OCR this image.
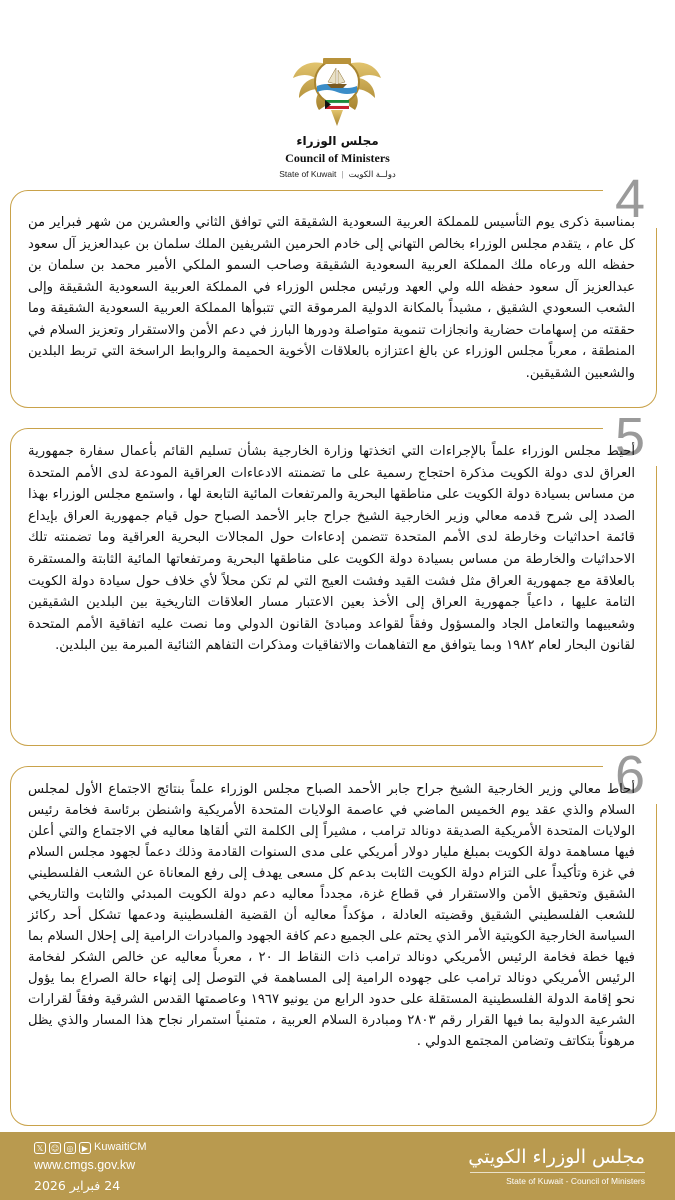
مجلس الوزراء
Council of Ministers
State of Kuwait | دولــة الكويت	4

بمناسبة ذكرى يوم التأسيس للمملكة العربية السعودية الشقيقة التي توافق الثاني والعشرين من شهر فبراير من كل عام ، يتقدم مجلس الوزراء بخالص التهاني إلى خادم الحرمين الشريفين الملك سلمان بن عبدالعزيز آل سعود حفظه الله ورعاه ملك المملكة العربية السعودية الشقيقة وصاحب السمو الملكي الأمير محمد بن سلمان بن عبدالعزيز آل سعود حفظه الله ولي العهد ورئيس مجلس الوزراء في المملكة العربية السعودية الشقيقة وإلى الشعب السعودي الشقيق ، مشيداً بالمكانة الدولية المرموقة التي تتبوأها المملكة العربية السعودية الشقيقة وما حققته من إسهامات حضارية وانجازات تنموية متواصلة ودورها البارز في دعم الأمن والاستقرار وتعزيز السلام في المنطقة ، معرباً مجلس الوزراء عن بالغ اعتزازه بالعلاقات الأخوية الحميمة والروابط الراسخة التي تربط البلدين والشعبين الشقيقين.

5

أحيط مجلس الوزراء علماً بالإجراءات التي اتخذتها وزارة الخارجية بشأن تسليم القائم بأعمال سفارة جمهورية العراق لدى دولة الكويت مذكرة احتجاج رسمية على ما تضمنته الادعاءات العراقية المودعة لدى الأمم المتحدة من مساس بسيادة دولة الكويت على مناطقها البحرية والمرتفعات المائية التابعة لها ، واستمع مجلس الوزراء بهذا الصدد إلى شرح قدمه معالي وزير الخارجية الشيخ جراح جابر الأحمد الصباح حول قيام جمهورية العراق بإيداع قائمة احداثيات وخارطة لدى الأمم المتحدة تتضمن إدعاءات حول المجالات البحرية العراقية وما تضمنته تلك الاحداثيات والخارطة من مساس بسيادة دولة الكويت على مناطقها البحرية ومرتفعاتها المائية الثابتة والمستقرة بالعلاقة مع جمهورية العراق مثل فشت القيد وفشت العيج التي لم تكن محلاً لأي خلاف حول سيادة دولة الكويت التامة عليها ، داعياً جمهورية العراق إلى الأخذ بعين الاعتبار مسار العلاقات التاريخية بين البلدين الشقيقين وشعبيهما والتعامل الجاد والمسؤول وفقاً لقواعد ومبادئ القانون الدولي وما نصت عليه اتفاقية الأمم المتحدة لقانون البحار لعام ١٩٨٢ وبما يتوافق مع التفاهمات والاتفاقيات ومذكرات التفاهم الثنائية المبرمة بين البلدين.

6

أحاط معالي وزير الخارجية الشيخ جراح جابر الأحمد الصباح مجلس الوزراء علماً بنتائج الاجتماع الأول لمجلس السلام والذي عقد يوم الخميس الماضي في عاصمة الولايات المتحدة الأمريكية واشنطن برئاسة فخامة رئيس الولايات المتحدة الأمريكية الصديقة دونالد ترامب ، مشيراً إلى الكلمة التي ألقاها معاليه في الاجتماع والتي أعلن فيها مساهمة دولة الكويت بمبلغ مليار دولار أمريكي على مدى السنوات القادمة وذلك دعماً لجهود مجلس السلام في غزة وتأكيداً على التزام دولة الكويت الثابت بدعم كل مسعى يهدف إلى رفع المعاناة عن الشعب الفلسطيني الشقيق وتحقيق الأمن والاستقرار في قطاع غزة، مجدداً معاليه دعم دولة الكويت المبدئي والثابت والتاريخي للشعب الفلسطيني الشقيق وقضيته العادلة ، مؤكداً معاليه أن القضية الفلسطينية ودعمها تشكل أحد ركائز السياسة الخارجية الكويتية الأمر الذي يحتم على الجميع دعم كافة الجهود والمبادرات الرامية إلى إحلال السلام بما فيها خطة فخامة الرئيس الأمريكي دونالد ترامب ذات النقاط الـ ٢٠ ، معرباً معاليه عن خالص الشكر لفخامة الرئيس الأمريكي دونالد ترامب على جهوده الرامية إلى المساهمة في التوصل إلى إنهاء حالة الصراع بما يؤول نحو إقامة الدولة الفلسطينية المستقلة على حدود الرابع من يونيو ١٩٦٧ وعاصمتها القدس الشرقية وفقاً لقرارات الشرعية الدولية بما فيها القرار رقم ٢٨٠٣ ومبادرة السلام العربية ، متمنياً استمرار نجاح هذا المسار والذي يظل مرهوناً بتكاتف وتضامن المجتمع الدولي .

𝕏 ☺ ◎	▶ KuwaitiCM
www.cmgs.gov.kw
24 فبراير 2026
مجلس الوزراء الكويتي
State of Kuwait - Council of Ministers
